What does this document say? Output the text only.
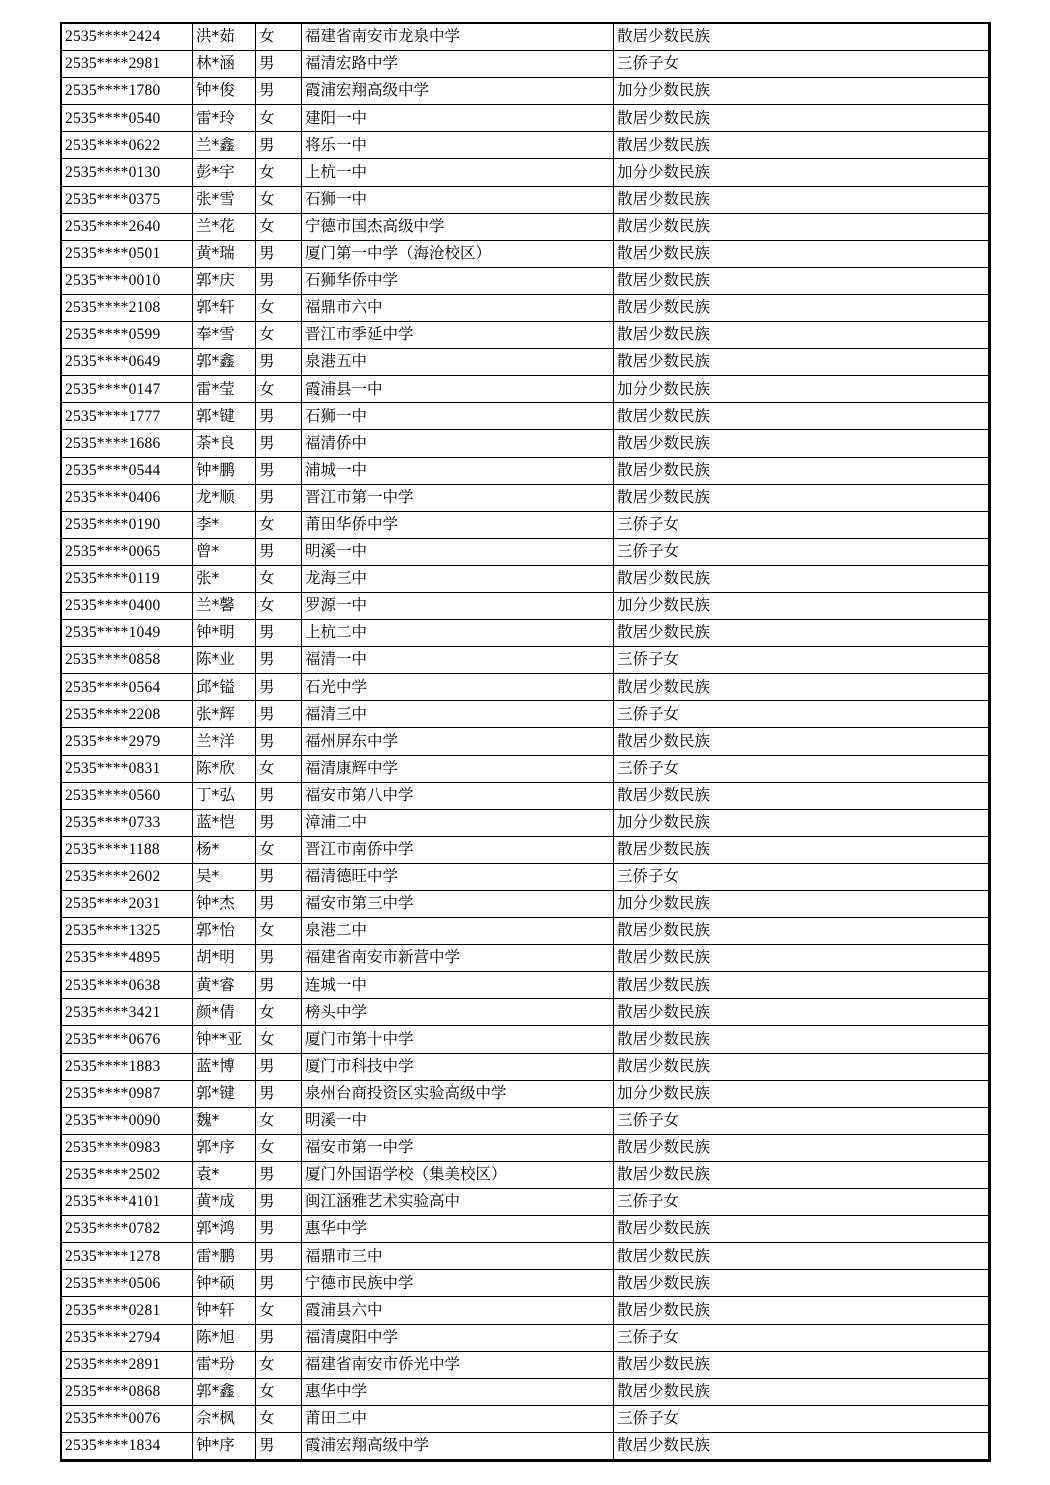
2535****2424	洪*茹	女	福建省南安市龙泉中学	散居少数民族
2535****2981	林*涵	男	福清宏路中学	三侨子女
2535****1780	钟*俊	男	霞浦宏翔高级中学	加分少数民族
2535****0540	雷*玲	女	建阳一中	散居少数民族
2535****0622	兰*鑫	男	将乐一中	散居少数民族
2535****0130	彭*宇	女	上杭一中	加分少数民族
2535****0375	张*雪	女	石狮一中	散居少数民族
2535****2640	兰*花	女	宁德市国杰高级中学	散居少数民族
2535****0501	黄*瑞	男	厦门第一中学（海沧校区）	散居少数民族
2535****0010	郭*庆	男	石狮华侨中学	散居少数民族
2535****2108	郭*轩	女	福鼎市六中	散居少数民族
2535****0599	奉*雪	女	晋江市季延中学	散居少数民族
2535****0649	郭*鑫	男	泉港五中	散居少数民族
2535****0147	雷*莹	女	霞浦县一中	加分少数民族
2535****1777	郭*键	男	石狮一中	散居少数民族
2535****1686	荼*良	男	福清侨中	散居少数民族
2535****0544	钟*鹏	男	浦城一中	散居少数民族
2535****0406	龙*顺	男	晋江市第一中学	散居少数民族
2535****0190	李*	女	莆田华侨中学	三侨子女
2535****0065	曾*	男	明溪一中	三侨子女
2535****0119	张*	女	龙海三中	散居少数民族
2535****0400	兰*馨	女	罗源一中	加分少数民族
2535****1049	钟*明	男	上杭二中	散居少数民族
2535****0858	陈*业	男	福清一中	三侨子女
2535****0564	邱*镒	男	石光中学	散居少数民族
2535****2208	张*辉	男	福清三中	三侨子女
2535****2979	兰*洋	男	福州屏东中学	散居少数民族
2535****0831	陈*欣	女	福清康辉中学	三侨子女
2535****0560	丁*弘	男	福安市第八中学	散居少数民族
2535****0733	蓝*恺	男	漳浦二中	加分少数民族
2535****1188	杨*	女	晋江市南侨中学	散居少数民族
2535****2602	吴*	男	福清德旺中学	三侨子女
2535****2031	钟*杰	男	福安市第三中学	加分少数民族
2535****1325	郭*怡	女	泉港二中	散居少数民族
2535****4895	胡*明	男	福建省南安市新营中学	散居少数民族
2535****0638	黄*睿	男	连城一中	散居少数民族
2535****3421	颜*倩	女	榜头中学	散居少数民族
2535****0676	钟**亚	女	厦门市第十中学	散居少数民族
2535****1883	蓝*博	男	厦门市科技中学	散居少数民族
2535****0987	郭*键	男	泉州台商投资区实验高级中学	加分少数民族
2535****0090	魏*	女	明溪一中	三侨子女
2535****0983	郭*序	女	福安市第一中学	散居少数民族
2535****2502	袁*	男	厦门外国语学校（集美校区）	散居少数民族
2535****4101	黄*成	男	闽江涵雅艺术实验高中	三侨子女
2535****0782	郭*鸿	男	惠华中学	散居少数民族
2535****1278	雷*鹏	男	福鼎市三中	散居少数民族
2535****0506	钟*硕	男	宁德市民族中学	散居少数民族
2535****0281	钟*轩	女	霞浦县六中	散居少数民族
2535****2794	陈*旭	男	福清虞阳中学	三侨子女
2535****2891	雷*玢	女	福建省南安市侨光中学	散居少数民族
2535****0868	郭*鑫	女	惠华中学	散居少数民族
2535****0076	佘*枫	女	莆田二中	三侨子女
2535****1834	钟*序	男	霞浦宏翔高级中学	散居少数民族
